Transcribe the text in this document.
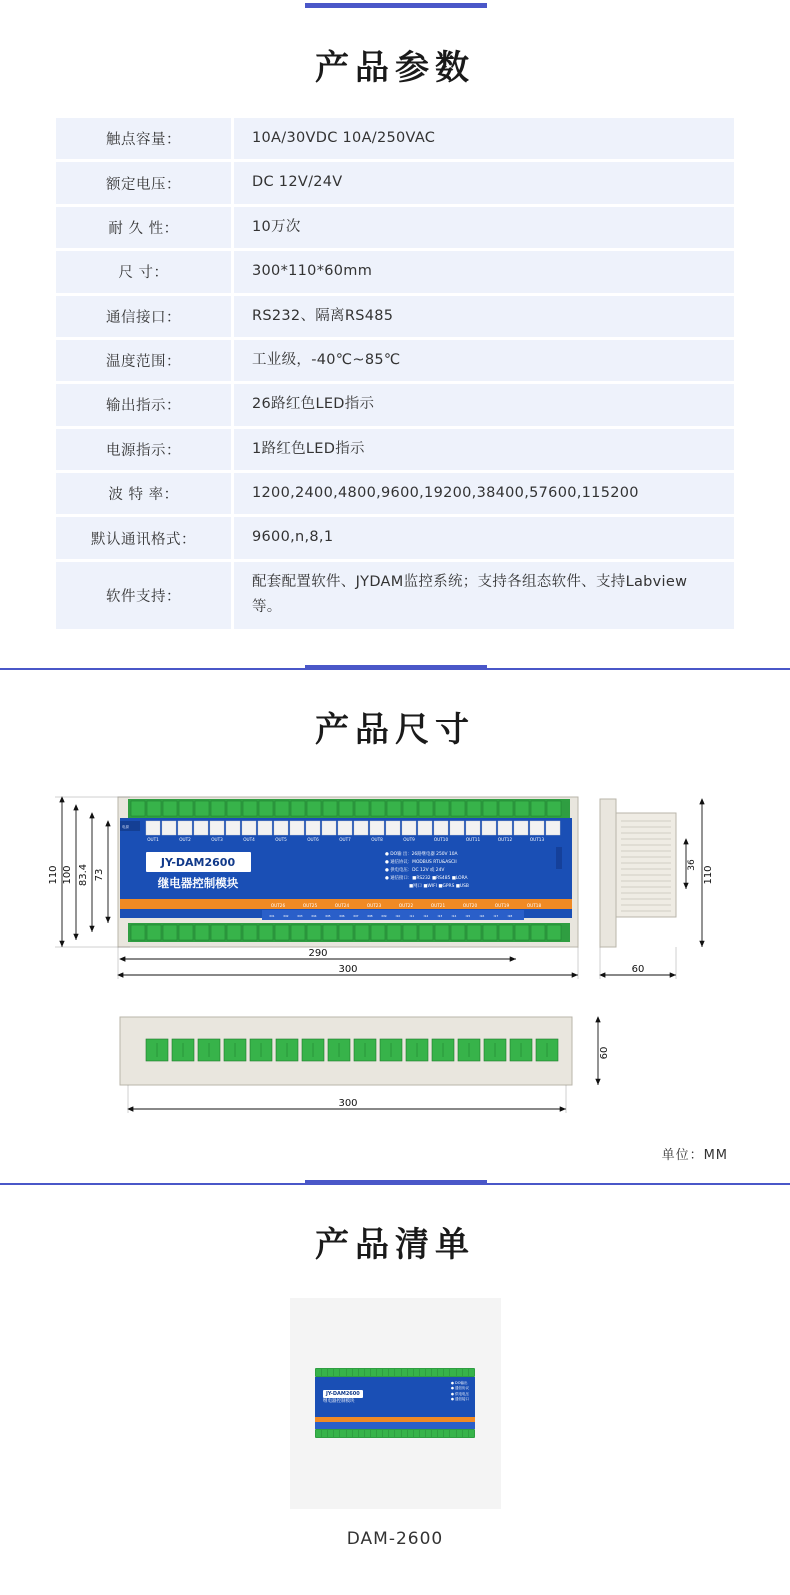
产品参数
触点容量：	10A/30VDC 10A/250VAC
额定电压：	DC 12V/24V
耐 久 性：	10万次
尺 寸：	300*110*60mm
通信接口：	RS232、隔离RS485
温度范围：	工业级，-40℃~85℃
输出指示：	26路红色LED指示
电源指示：	1路红色LED指示
波 特 率：	1200,2400,4800,9600,19200,38400,57600,115200
默认通讯格式：	9600,n,8,1
软件支持：	配套配置软件、JYDAM监控系统；支持各组态软件、支持Labview等。
产品尺寸
电源
OUT1	OUT2	OUT3	OUT4	OUT5	OUT6	OUT7	OUT8	OUT9	OUT10	OUT11	OUT12	OUT13
JY-DAM2600
继电器控制模块
● DO输 出：26路继电器 250V 10A
● 通信协议：MODBUS RTU&ASCII
● 供电电压：DC 12V 或 24V
● 通信接口：■RS232 ■RS485 ■LORA
■网口 ■WIFI ■GPRS ■USB
IN1	IN2	IN3	IN4	IN5	IN6	IN7	IN8	IN9	I10	I11	I12	I13	I14	I15	I16	I17	I18
OUT26	OUT25	OUT24	OUT23	OUT22	OUT21	OUT20	OUT19	OUT18
110 100 83.4 73
290
300
110
36
60
60
300
单位：MM
产品清单
JY-DAM2600
继电器控制模块
● DO输出
● 通信协议
● 供电电压
● 通信接口
DAM-2600
